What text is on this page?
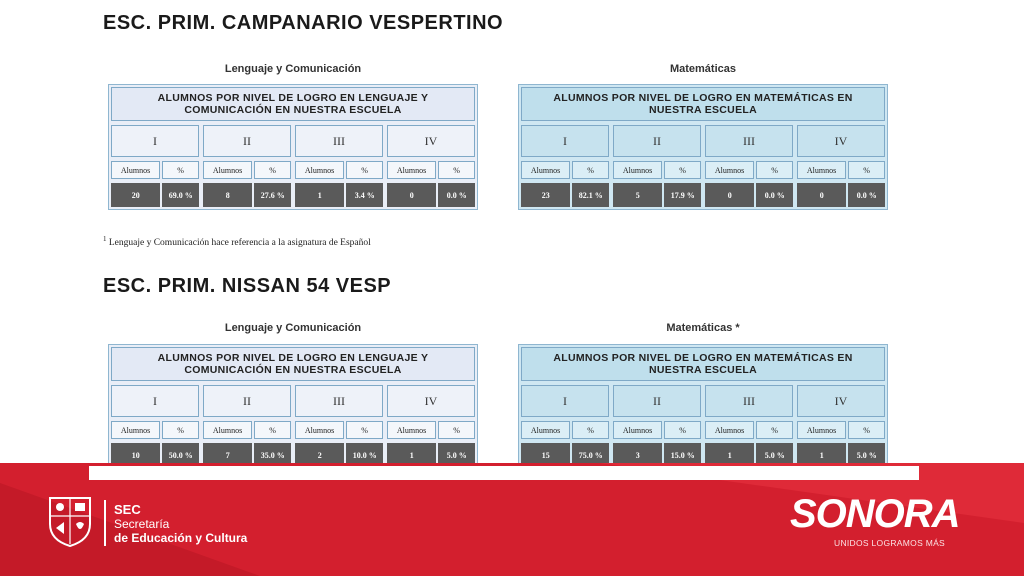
ESC. PRIM. CAMPANARIO VESPERTINO
Lenguaje y Comunicación	Matemáticas
ALUMNOS POR NIVEL DE LOGRO EN LENGUAJE Y COMUNICACIÓN EN NUESTRA ESCUELA
I	II	III	IV
Alumnos	%	Alumnos	%	Alumnos	%	Alumnos	%
20	69.0 %	8	27.6 %	1	3.4 %	0	0.0 %
ALUMNOS POR NIVEL DE LOGRO EN MATEMÁTICAS EN NUESTRA ESCUELA
I	II	III	IV
Alumnos	%	Alumnos	%	Alumnos	%	Alumnos	%
23	82.1 %	5	17.9 %	0	0.0 %	0	0.0 %
$^1$ Lenguaje y Comunicación hace referencia a la asignatura de Español
ESC. PRIM. NISSAN 54 VESP
Lenguaje y Comunicación	Matemáticas *
ALUMNOS POR NIVEL DE LOGRO EN LENGUAJE Y COMUNICACIÓN EN NUESTRA ESCUELA
I	II	III	IV
Alumnos	%	Alumnos	%	Alumnos	%	Alumnos	%
10	50.0 %	7	35.0 %	2	10.0 %	1	5.0 %
ALUMNOS POR NIVEL DE LOGRO EN MATEMÁTICAS EN NUESTRA ESCUELA
I	II	III	IV
Alumnos	%	Alumnos	%	Alumnos	%	Alumnos	%
15	75.0 %	3	15.0 %	1	5.0 %	1	5.0 %
SEC
Secretaría
de Educación y Cultura
SONORA
UNIDOS LOGRAMOS MÁS
